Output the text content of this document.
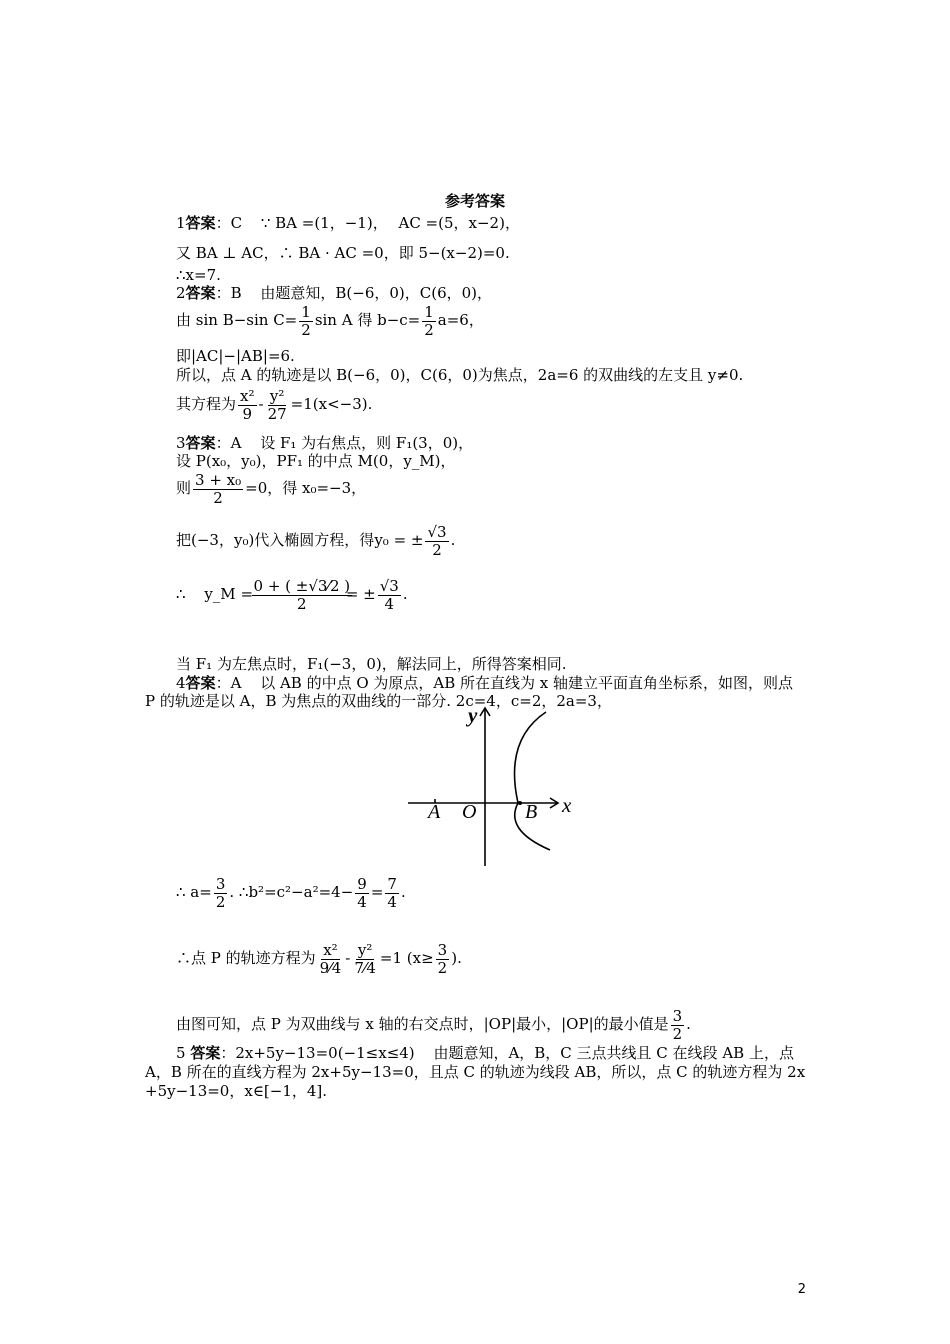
参考答案
1答案：C ∵ BA =(1，−1)， AC =(5，x−2)，
又 BA ⊥ AC，∴ BA · AC =0，即 5−(x−2)=0.
∴x=7.
2答案：B 由题意知，B(−6，0)，C(6，0)，
由 sin B−sin $C= \frac{1}{2}$ sin A 得 $b-c= \frac{1}{2} a=6$，
即|AC|−|AB|=6.
所以，点 A 的轨迹是以 B(−6，0)，C(6，0)为焦点，2a=6 的双曲线的左支且 y≠0.
其方程为 $\frac{\text{x²}}{9} - \frac{\text{y²}}{27} =1(x<-3)$.
3答案：A 设 F₁ 为右焦点，则 F₁(3，0)，
设 P(x₀，y₀)，PF₁ 的中点 M(0，y_M)，
则 $\frac{\text{3 + x₀}}{2} =0$，得 x₀=−3，
把(−3，y₀)代入椭圆方程，得y₀ = ± $\frac{√3}{2}$ .
∴ y_M = $\frac{0 + ( \pm√3⁄2 )}{2}$ = ± $\frac{√3}{4}$ .
当 F₁ 为左焦点时，F₁(−3，0)，解法同上，所得答案相同.
4答案：A 以 AB 的中点 O 为原点，AB 所在直线为 x 轴建立平面直角坐标系，如图，则点
P 的轨迹是以 A，B 为焦点的双曲线的一部分. 2c=4，c=2，2a=3，
y
x
A O B
∴ $a= \frac{3}{2}$ . ∴b²=c²−a²=4− $\frac{9}{4} = \frac{7}{4}$ .
∴点 P 的轨迹方程为 $\frac{\text{x²}}{9⁄4} - \frac{\text{y²}}{7⁄4} =1$ ($x\ge \frac{3}{2}$ ).
由图可知，点 P 为双曲线与 x 轴的右交点时，|OP|最小，|OP|的最小值是 $\frac{3}{2}$ .
5 答案：2x+5y−13=0(−1≤x≤4) 由题意知，A，B，C 三点共线且 C 在线段 AB 上，点
A，B 所在的直线方程为 2x+5y−13=0，且点 C 的轨迹为线段 AB，所以，点 C 的轨迹方程为 2x
+5y−13=0，x∈[−1，4].
2
